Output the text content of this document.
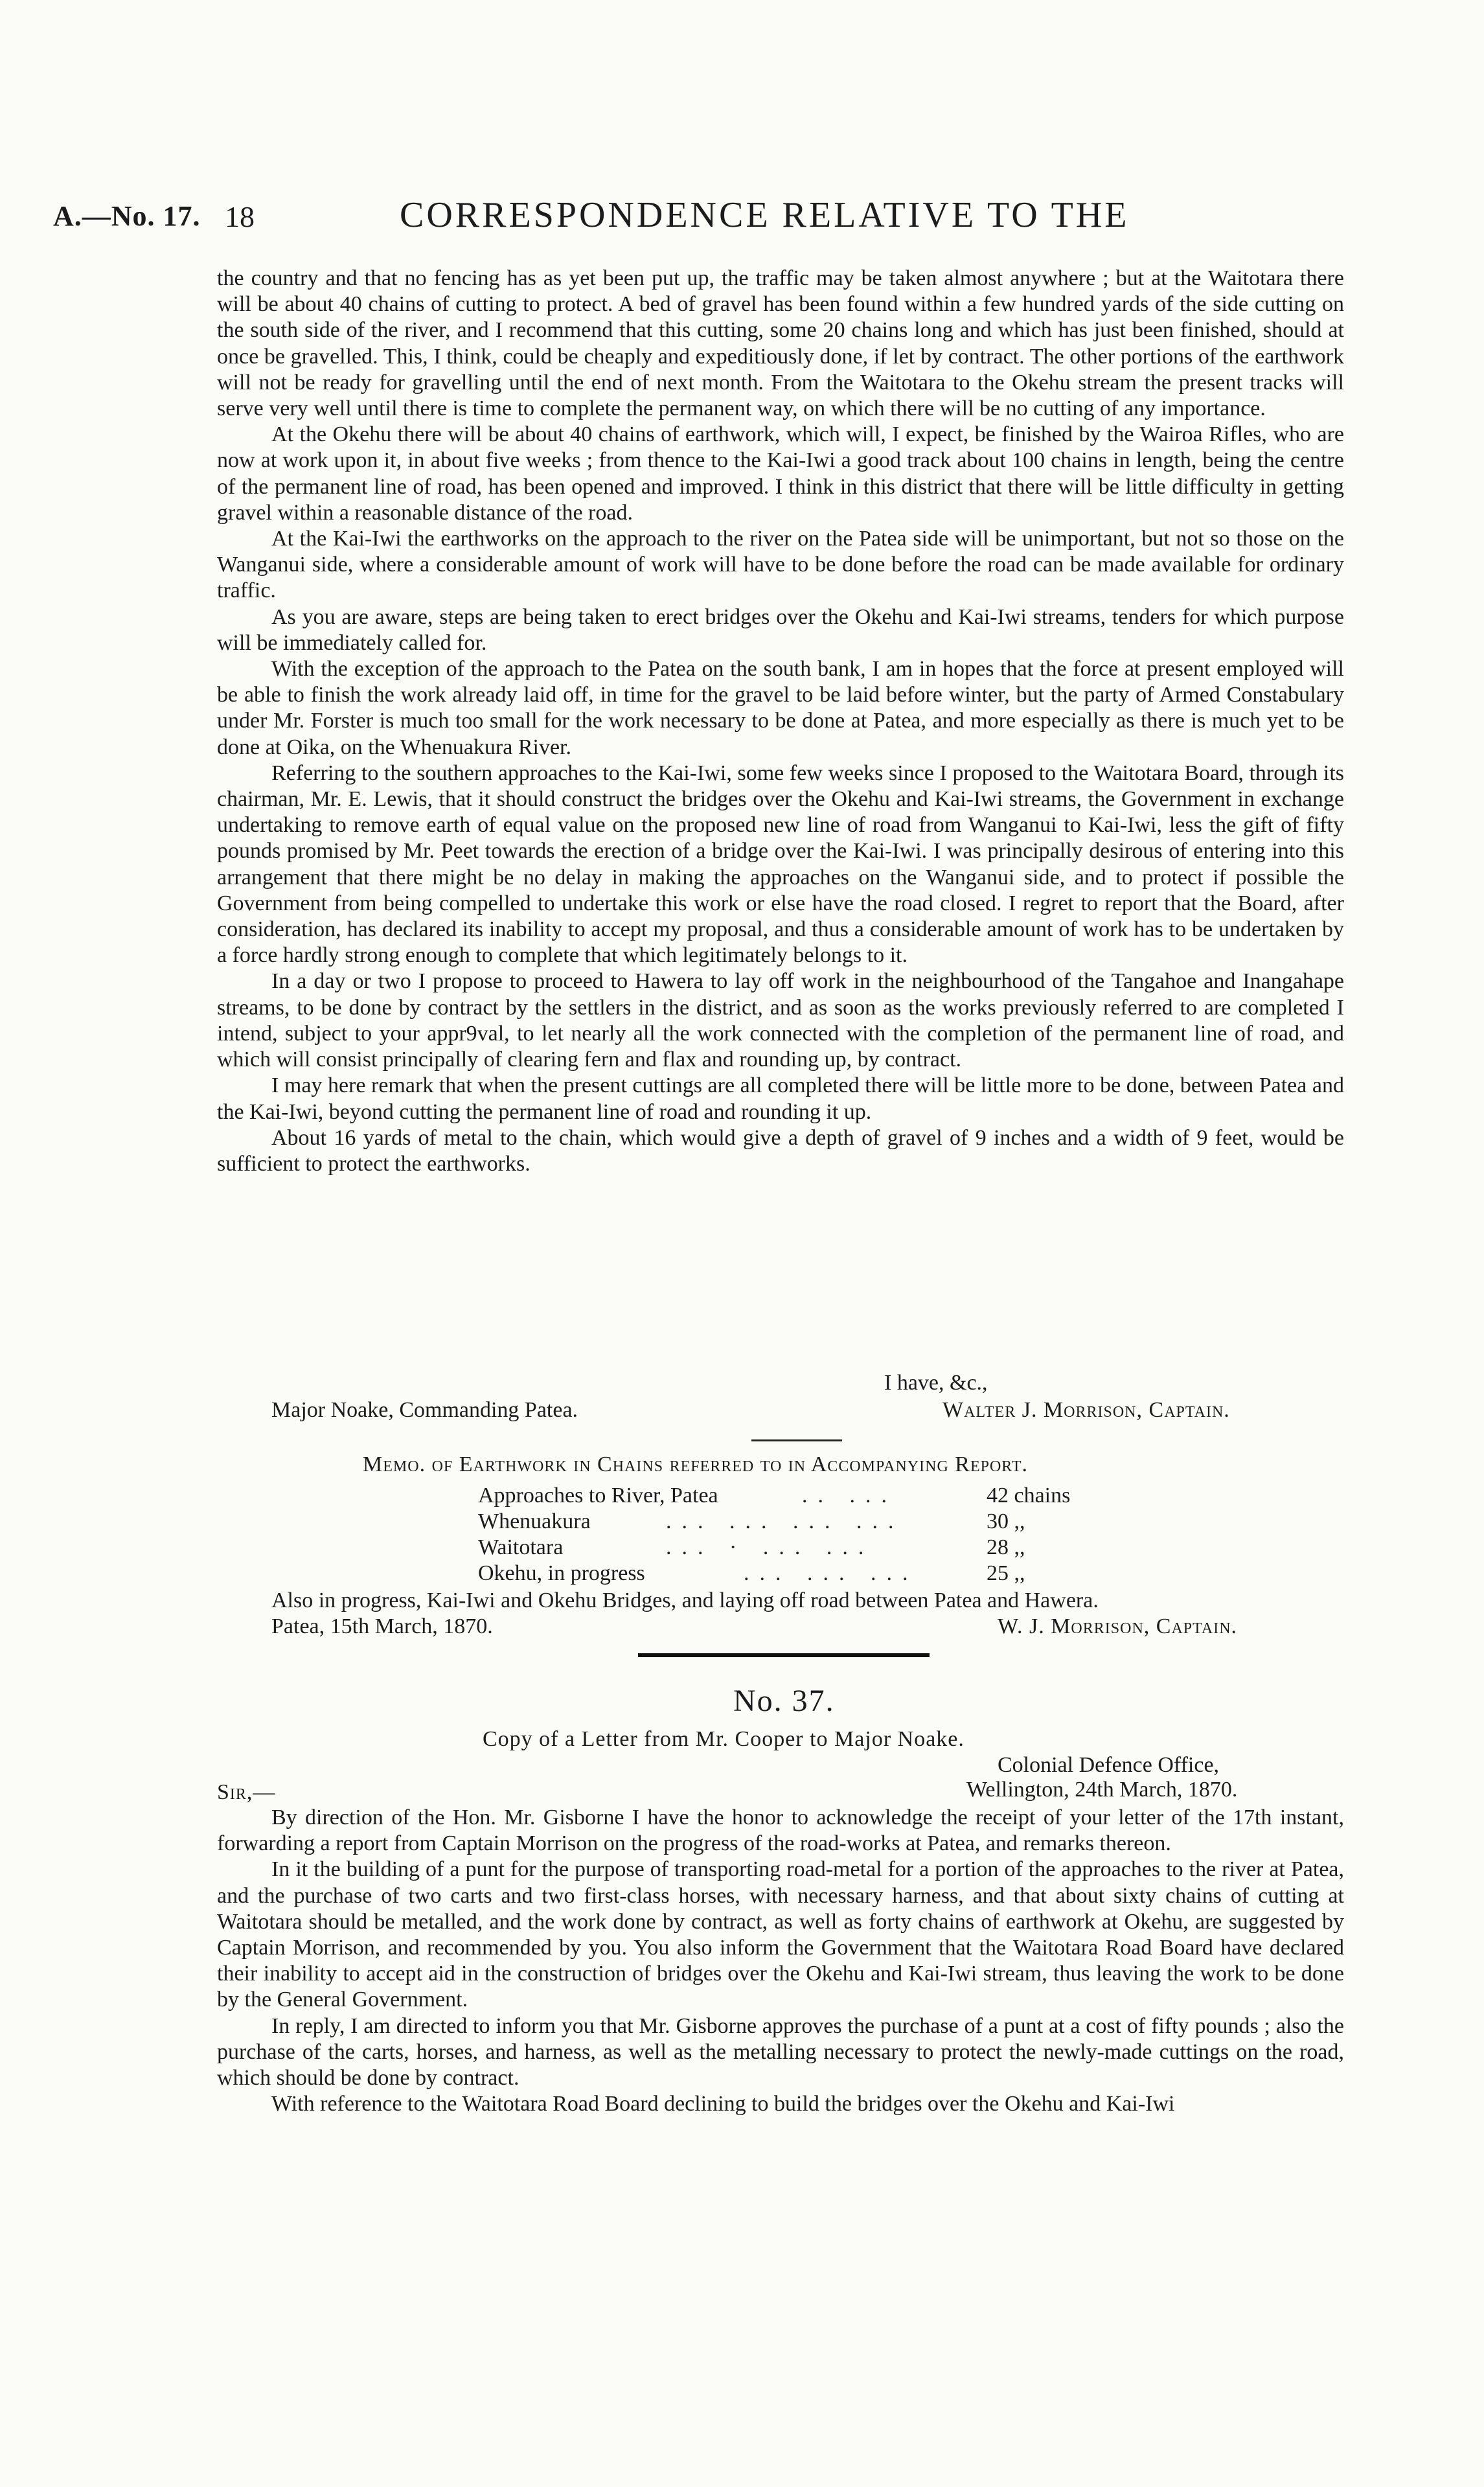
A.—No. 17. 18	CORRESPONDENCE RELATIVE TO THE

the country and that no fencing has as yet been put up, the traffic may be taken almost anywhere ; but at the Waitotara there will be about 40 chains of cutting to protect. A bed of gravel has been found within a few hundred yards of the side cutting on the south side of the river, and I recommend that this cutting, some 20 chains long and which has just been finished, should at once be gravelled. This, I think, could be cheaply and expeditiously done, if let by contract. The other portions of the earthwork will not be ready for gravelling until the end of next month. From the Waitotara to the Okehu stream the present tracks will serve very well until there is time to complete the permanent way, on which there will be no cutting of any importance.

At the Okehu there will be about 40 chains of earthwork, which will, I expect, be finished by the Wairoa Rifles, who are now at work upon it, in about five weeks ; from thence to the Kai-Iwi a good track about 100 chains in length, being the centre of the permanent line of road, has been opened and improved. I think in this district that there will be little difficulty in getting gravel within a reasonable distance of the road.

At the Kai-Iwi the earthworks on the approach to the river on the Patea side will be unimportant, but not so those on the Wanganui side, where a considerable amount of work will have to be done before the road can be made available for ordinary traffic.

As you are aware, steps are being taken to erect bridges over the Okehu and Kai-Iwi streams, tenders for which purpose will be immediately called for.

With the exception of the approach to the Patea on the south bank, I am in hopes that the force at present employed will be able to finish the work already laid off, in time for the gravel to be laid before winter, but the party of Armed Constabulary under Mr. Forster is much too small for the work necessary to be done at Patea, and more especially as there is much yet to be done at Oika, on the Whenuakura River.

Referring to the southern approaches to the Kai-Iwi, some few weeks since I proposed to the Waitotara Board, through its chairman, Mr. E. Lewis, that it should construct the bridges over the Okehu and Kai-Iwi streams, the Government in exchange undertaking to remove earth of equal value on the proposed new line of road from Wanganui to Kai-Iwi, less the gift of fifty pounds promised by Mr. Peet towards the erection of a bridge over the Kai-Iwi. I was principally desirous of entering into this arrangement that there might be no delay in making the approaches on the Wanganui side, and to protect if possible the Government from being compelled to undertake this work or else have the road closed. I regret to report that the Board, after consideration, has declared its inability to accept my proposal, and thus a considerable amount of work has to be undertaken by a force hardly strong enough to complete that which legitimately belongs to it.

In a day or two I propose to proceed to Hawera to lay off work in the neighbourhood of the Tangahoe and Inangahape streams, to be done by contract by the settlers in the district, and as soon as the works previously referred to are completed I intend, subject to your appr9val, to let nearly all the work connected with the completion of the permanent line of road, and which will consist principally of clearing fern and flax and rounding up, by contract.

I may here remark that when the present cuttings are all completed there will be little more to be done, between Patea and the Kai-Iwi, beyond cutting the permanent line of road and rounding it up.

About 16 yards of metal to the chain, which would give a depth of gravel of 9 inches and a width of 9 feet, would be sufficient to protect the earthworks.

I have, &c.,
Major Noake, Commanding Patea.	Walter J. Morrison, Captain.
Memo. of Earthwork in Chains referred to in Accompanying Report.
Approaches to River, Patea	.. ...	42 chains
Whenuakura	... ... ... ...	30 ,,
Waitotara	... · ... ...	28 ,,
Okehu, in progress	... ... ...	25 ,,
Also in progress, Kai-Iwi and Okehu Bridges, and laying off road between Patea and Hawera.
Patea, 15th March, 1870.	W. J. Morrison, Captain.
No. 37.
Copy of a Letter from Mr. Cooper to Major Noake.
Colonial Defence Office,
Sir,—	Wellington, 24th March, 1870.

By direction of the Hon. Mr. Gisborne I have the honor to acknowledge the receipt of your letter of the 17th instant, forwarding a report from Captain Morrison on the progress of the road-works at Patea, and remarks thereon.

In it the building of a punt for the purpose of transporting road-metal for a portion of the approaches to the river at Patea, and the purchase of two carts and two first-class horses, with necessary harness, and that about sixty chains of cutting at Waitotara should be metalled, and the work done by contract, as well as forty chains of earthwork at Okehu, are suggested by Captain Morrison, and recommended by you. You also inform the Government that the Waitotara Road Board have declared their inability to accept aid in the construction of bridges over the Okehu and Kai-Iwi stream, thus leaving the work to be done by the General Government.

In reply, I am directed to inform you that Mr. Gisborne approves the purchase of a punt at a cost of fifty pounds ; also the purchase of the carts, horses, and harness, as well as the metalling necessary to protect the newly-made cuttings on the road, which should be done by contract.

With reference to the Waitotara Road Board declining to build the bridges over the Okehu and Kai-Iwi
